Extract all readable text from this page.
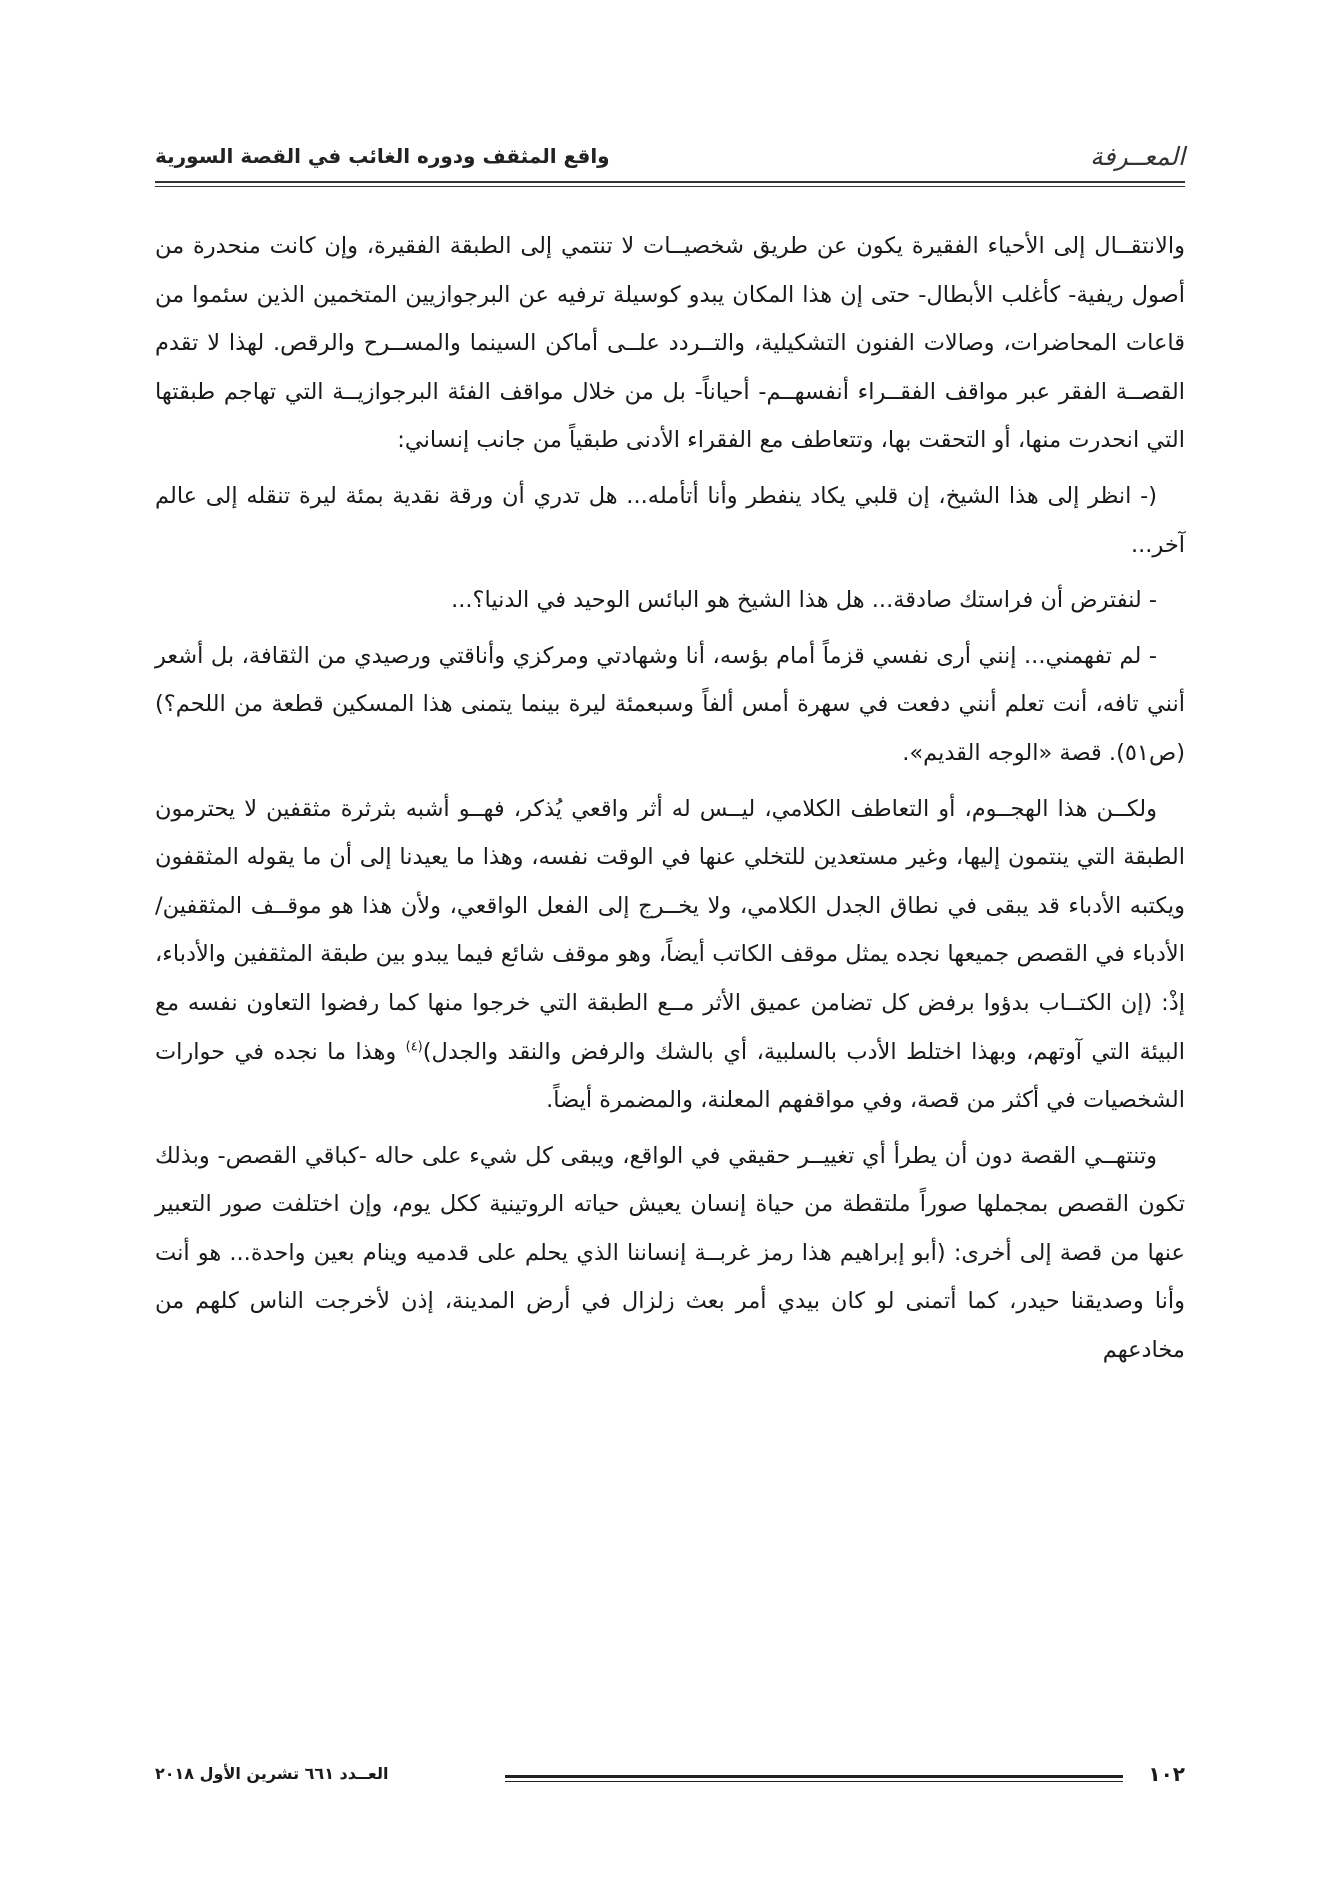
المعــرفة
واقع المثقف ودوره الغائب في القصة السورية

والانتقــال إلى الأحياء الفقيرة يكون عن طريق شخصيــات لا تنتمي إلى الطبقة الفقيرة، وإن كانت منحدرة من أصول ريفية- كأغلب الأبطال- حتى إن هذا المكان يبدو كوسيلة ترفيه عن البرجوازيين المتخمين الذين سئموا من قاعات المحاضرات، وصالات الفنون التشكيلية، والتــردد علــى أماكن السينما والمســرح والرقص. لهذا لا تقدم القصــة الفقر عبر مواقف الفقــراء أنفسهــم- أحياناً- بل من خلال مواقف الفئة البرجوازيــة التي تهاجم طبقتها التي انحدرت منها، أو التحقت بها، وتتعاطف مع الفقراء الأدنى طبقياً من جانب إنساني:

(- انظر إلى هذا الشيخ، إن قلبي يكاد ينفطر وأنا أتأمله... هل تدري أن ورقة نقدية بمئة ليرة تنقله إلى عالم آخر...

- لنفترض أن فراستك صادقة... هل هذا الشيخ هو البائس الوحيد في الدنيا؟...

- لم تفهمني... إنني أرى نفسي قزماً أمام بؤسه، أنا وشهادتي ومركزي وأناقتي ورصيدي من الثقافة، بل أشعر أنني تافه، أنت تعلم أنني دفعت في سهرة أمس ألفاً وسبعمئة ليرة بينما يتمنى هذا المسكين قطعة من اللحم؟) (ص٥١). قصة «الوجه القديم».

ولكــن هذا الهجــوم، أو التعاطف الكلامي، ليــس له أثر واقعي يُذكر، فهــو أشبه بثرثرة مثقفين لا يحترمون الطبقة التي ينتمون إليها، وغير مستعدين للتخلي عنها في الوقت نفسه، وهذا ما يعيدنا إلى أن ما يقوله المثقفون ويكتبه الأدباء قد يبقى في نطاق الجدل الكلامي، ولا يخــرج إلى الفعل الواقعي، ولأن هذا هو موقــف المثقفين/ الأدباء في القصص جميعها نجده يمثل موقف الكاتب أيضاً، وهو موقف شائع فيما يبدو بين طبقة المثقفين والأدباء، إذْ: (إن الكتــاب بدؤوا برفض كل تضامن عميق الأثر مــع الطبقة التي خرجوا منها كما رفضوا التعاون نفسه مع البيئة التي آوتهم، وبهذا اختلط الأدب بالسلبية، أي بالشك والرفض والنقد والجدل)$^{(٤)}$ وهذا ما نجده في حوارات الشخصيات في أكثر من قصة، وفي مواقفهم المعلنة، والمضمرة أيضاً.

وتنتهــي القصة دون أن يطرأ أي تغييــر حقيقي في الواقع، ويبقى كل شيء على حاله -كباقي القصص- وبذلك تكون القصص بمجملها صوراً ملتقطة من حياة إنسان يعيش حياته الروتينية ككل يوم، وإن اختلفت صور التعبير عنها من قصة إلى أخرى: (أبو إبراهيم هذا رمز غربــة إنساننا الذي يحلم على قدميه وينام بعين واحدة... هو أنت وأنا وصديقنا حيدر، كما أتمنى لو كان بيدي أمر بعث زلزال في أرض المدينة، إذن لأخرجت الناس كلهم من مخادعهم

١٠٢
العــدد ٦٦١ تشرين الأول ٢٠١٨
